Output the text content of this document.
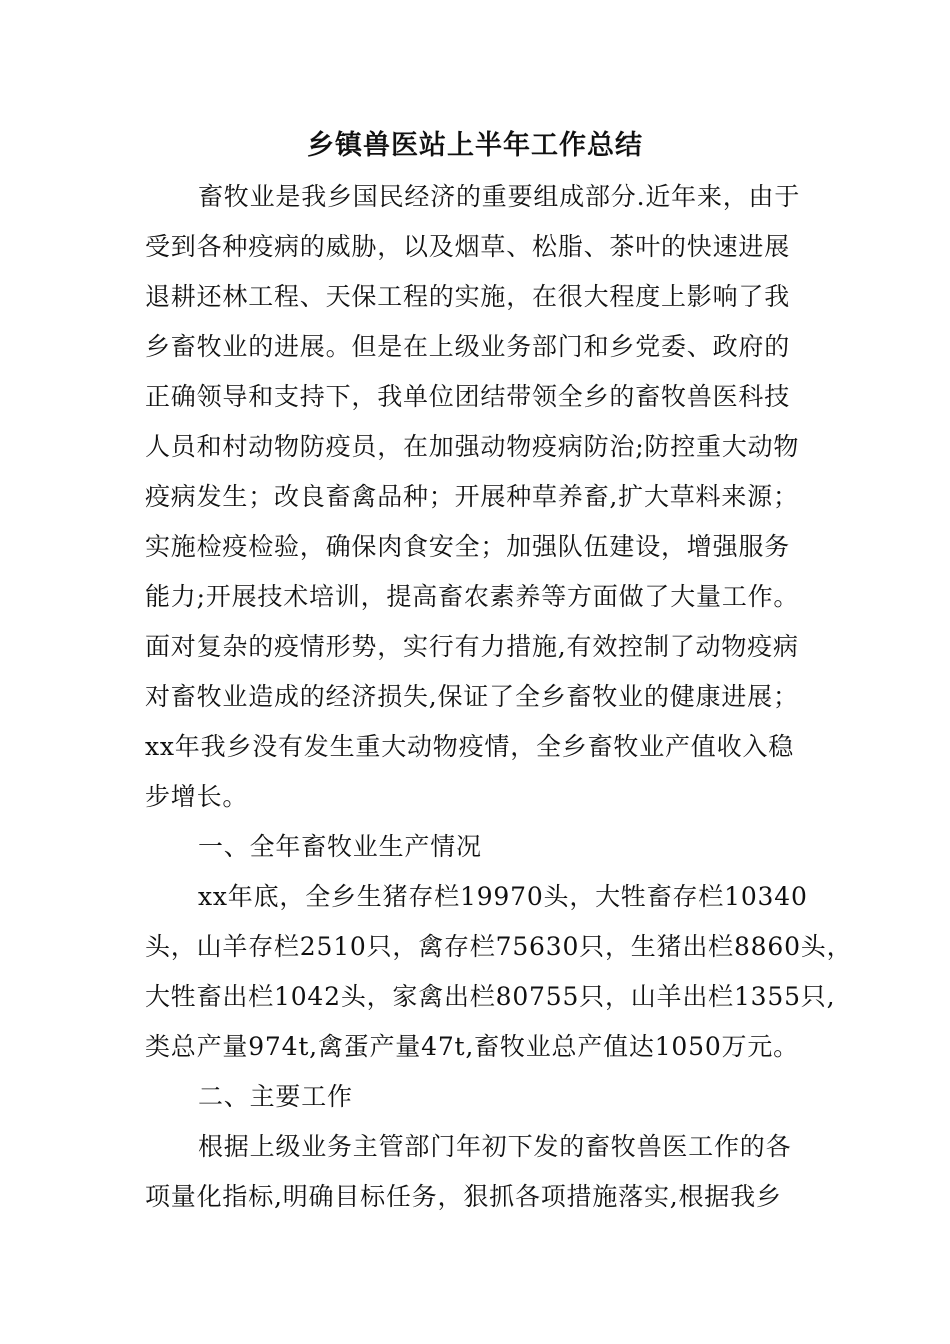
乡镇兽医站上半年工作总结
畜牧业是我乡国民经济的重要组成部分.近年来，由于
受到各种疫病的威胁，以及烟草、松脂、茶叶的快速进展
退耕还林工程、天保工程的实施，在很大程度上影响了我
乡畜牧业的进展。但是在上级业务部门和乡党委、政府的
正确领导和支持下，我单位团结带领全乡的畜牧兽医科技
人员和村动物防疫员，在加强动物疫病防治;防控重大动物
疫病发生；改良畜禽品种；开展种草养畜,扩大草料来源；
实施检疫检验，确保肉食安全；加强队伍建设，增强服务
能力;开展技术培训，提高畜农素养等方面做了大量工作。
面对复杂的疫情形势，实行有力措施,有效控制了动物疫病
对畜牧业造成的经济损失,保证了全乡畜牧业的健康进展；
xx年我乡没有发生重大动物疫情，全乡畜牧业产值收入稳
步增长。
一、全年畜牧业生产情况
xx年底，全乡生猪存栏19970头，大牲畜存栏10340
头，山羊存栏2510只，禽存栏75630只，生猪出栏8860头，
大牲畜出栏1042头，家禽出栏80755只，山羊出栏1355只,
类总产量974t,禽蛋产量47t,畜牧业总产值达1050万元。
二、主要工作
根据上级业务主管部门年初下发的畜牧兽医工作的各
项量化指标,明确目标任务，狠抓各项措施落实,根据我乡
